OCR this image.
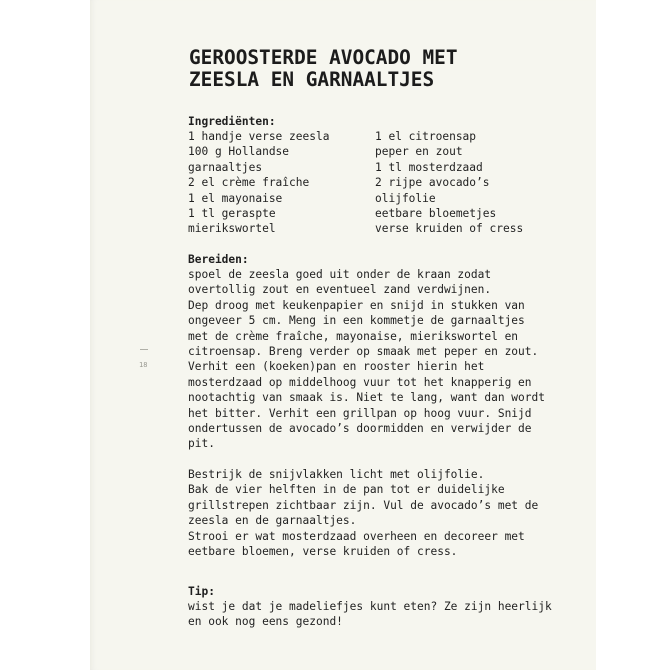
GEROOSTERDE AVOCADO MET
ZEESLA EN GARNAALTJES
Ingrediënten:
1 handje verse zeesla
100 g Hollandse
garnaaltjes
2 el crème fraîche
1 el mayonaise
1 tl geraspte
mierikswortel
1 el citroensap
peper en zout
1 tl mosterdzaad
2 rijpe avocado’s
olijfolie
eetbare bloemetjes
verse kruiden of cress
Bereiden:
spoel de zeesla goed uit onder de kraan zodat
overtollig zout en eventueel zand verdwijnen.
Dep droog met keukenpapier en snijd in stukken van
ongeveer 5 cm. Meng in een kommetje de garnaaltjes
met de crème fraîche, mayonaise, mierikswortel en
citroensap. Breng verder op smaak met peper en zout.
Verhit een (koeken)pan en rooster hierin het
mosterdzaad op middelhoog vuur tot het knapperig en
nootachtig van smaak is. Niet te lang, want dan wordt
het bitter. Verhit een grillpan op hoog vuur. Snijd
ondertussen de avocado’s doormidden en verwijder de
pit.
Bestrijk de snijvlakken licht met olijfolie.
Bak de vier helften in de pan tot er duidelijke
grillstrepen zichtbaar zijn. Vul de avocado’s met de
zeesla en de garnaaltjes.
Strooi er wat mosterdzaad overheen en decoreer met
eetbare bloemen, verse kruiden of cress.
Tip:
wist je dat je madeliefjes kunt eten? Ze zijn heerlijk
en ook nog eens gezond!
18
